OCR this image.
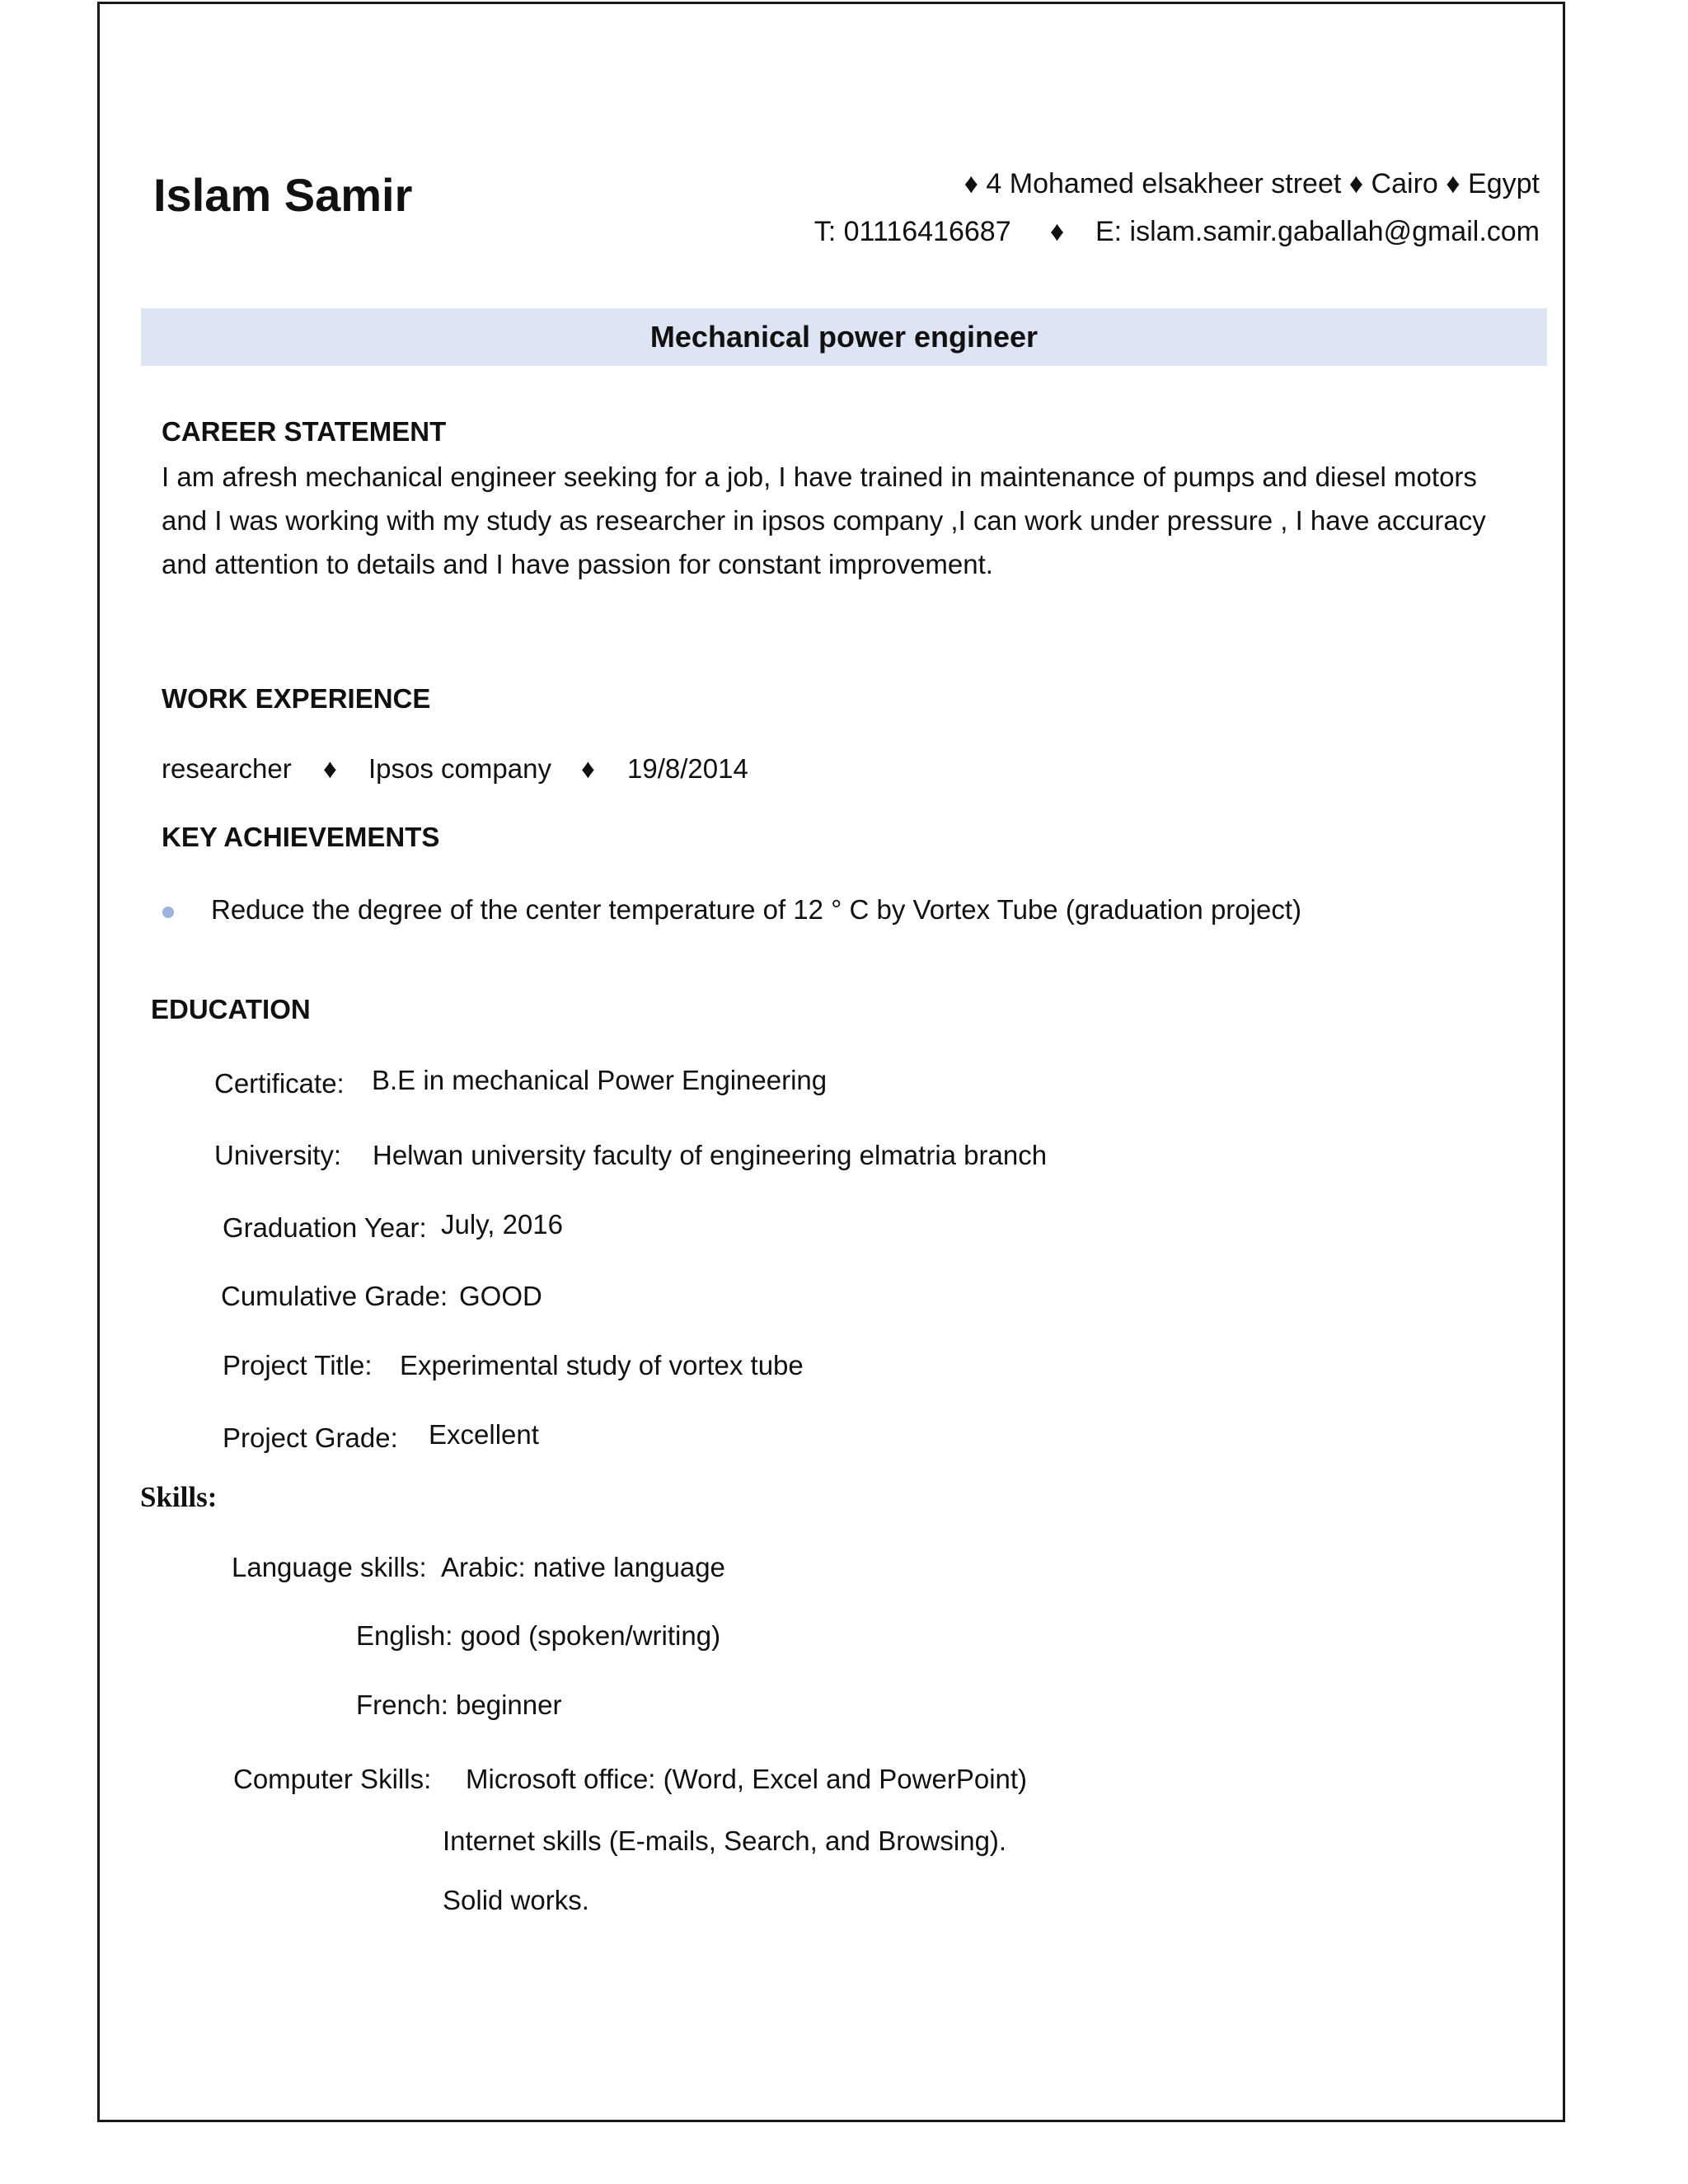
Islam Samir	♦ 4 Mohamed elsakheer street ♦ Cairo ♦ Egypt
T: 01116416687     ♦    E: islam.samir.gaballah@gmail.com
Mechanical power engineer
CAREER STATEMENT
I am afresh mechanical engineer seeking for a job, I have trained in maintenance of pumps and diesel motors
and I was working with my study as researcher in ipsos company ,I can work under pressure , I have accuracy
and attention to details and I have passion for constant improvement.
WORK EXPERIENCE
researcher ♦ Ipsos company ♦ 19/8/2014
KEY ACHIEVEMENTS
Reduce the degree of the center temperature of 12 ° C by Vortex Tube (graduation project)
EDUCATION
Certificate: B.E in mechanical Power Engineering
University: Helwan university faculty of engineering elmatria branch
Graduation Year: July, 2016
Cumulative Grade: GOOD
Project Title: Experimental study of vortex tube
Project Grade: Excellent
Skills:
Language skills: Arabic: native language
English: good (spoken/writing)
French: beginner
Computer Skills: Microsoft office: (Word, Excel and PowerPoint)
Internet skills (E-mails, Search, and Browsing).
Solid works.
